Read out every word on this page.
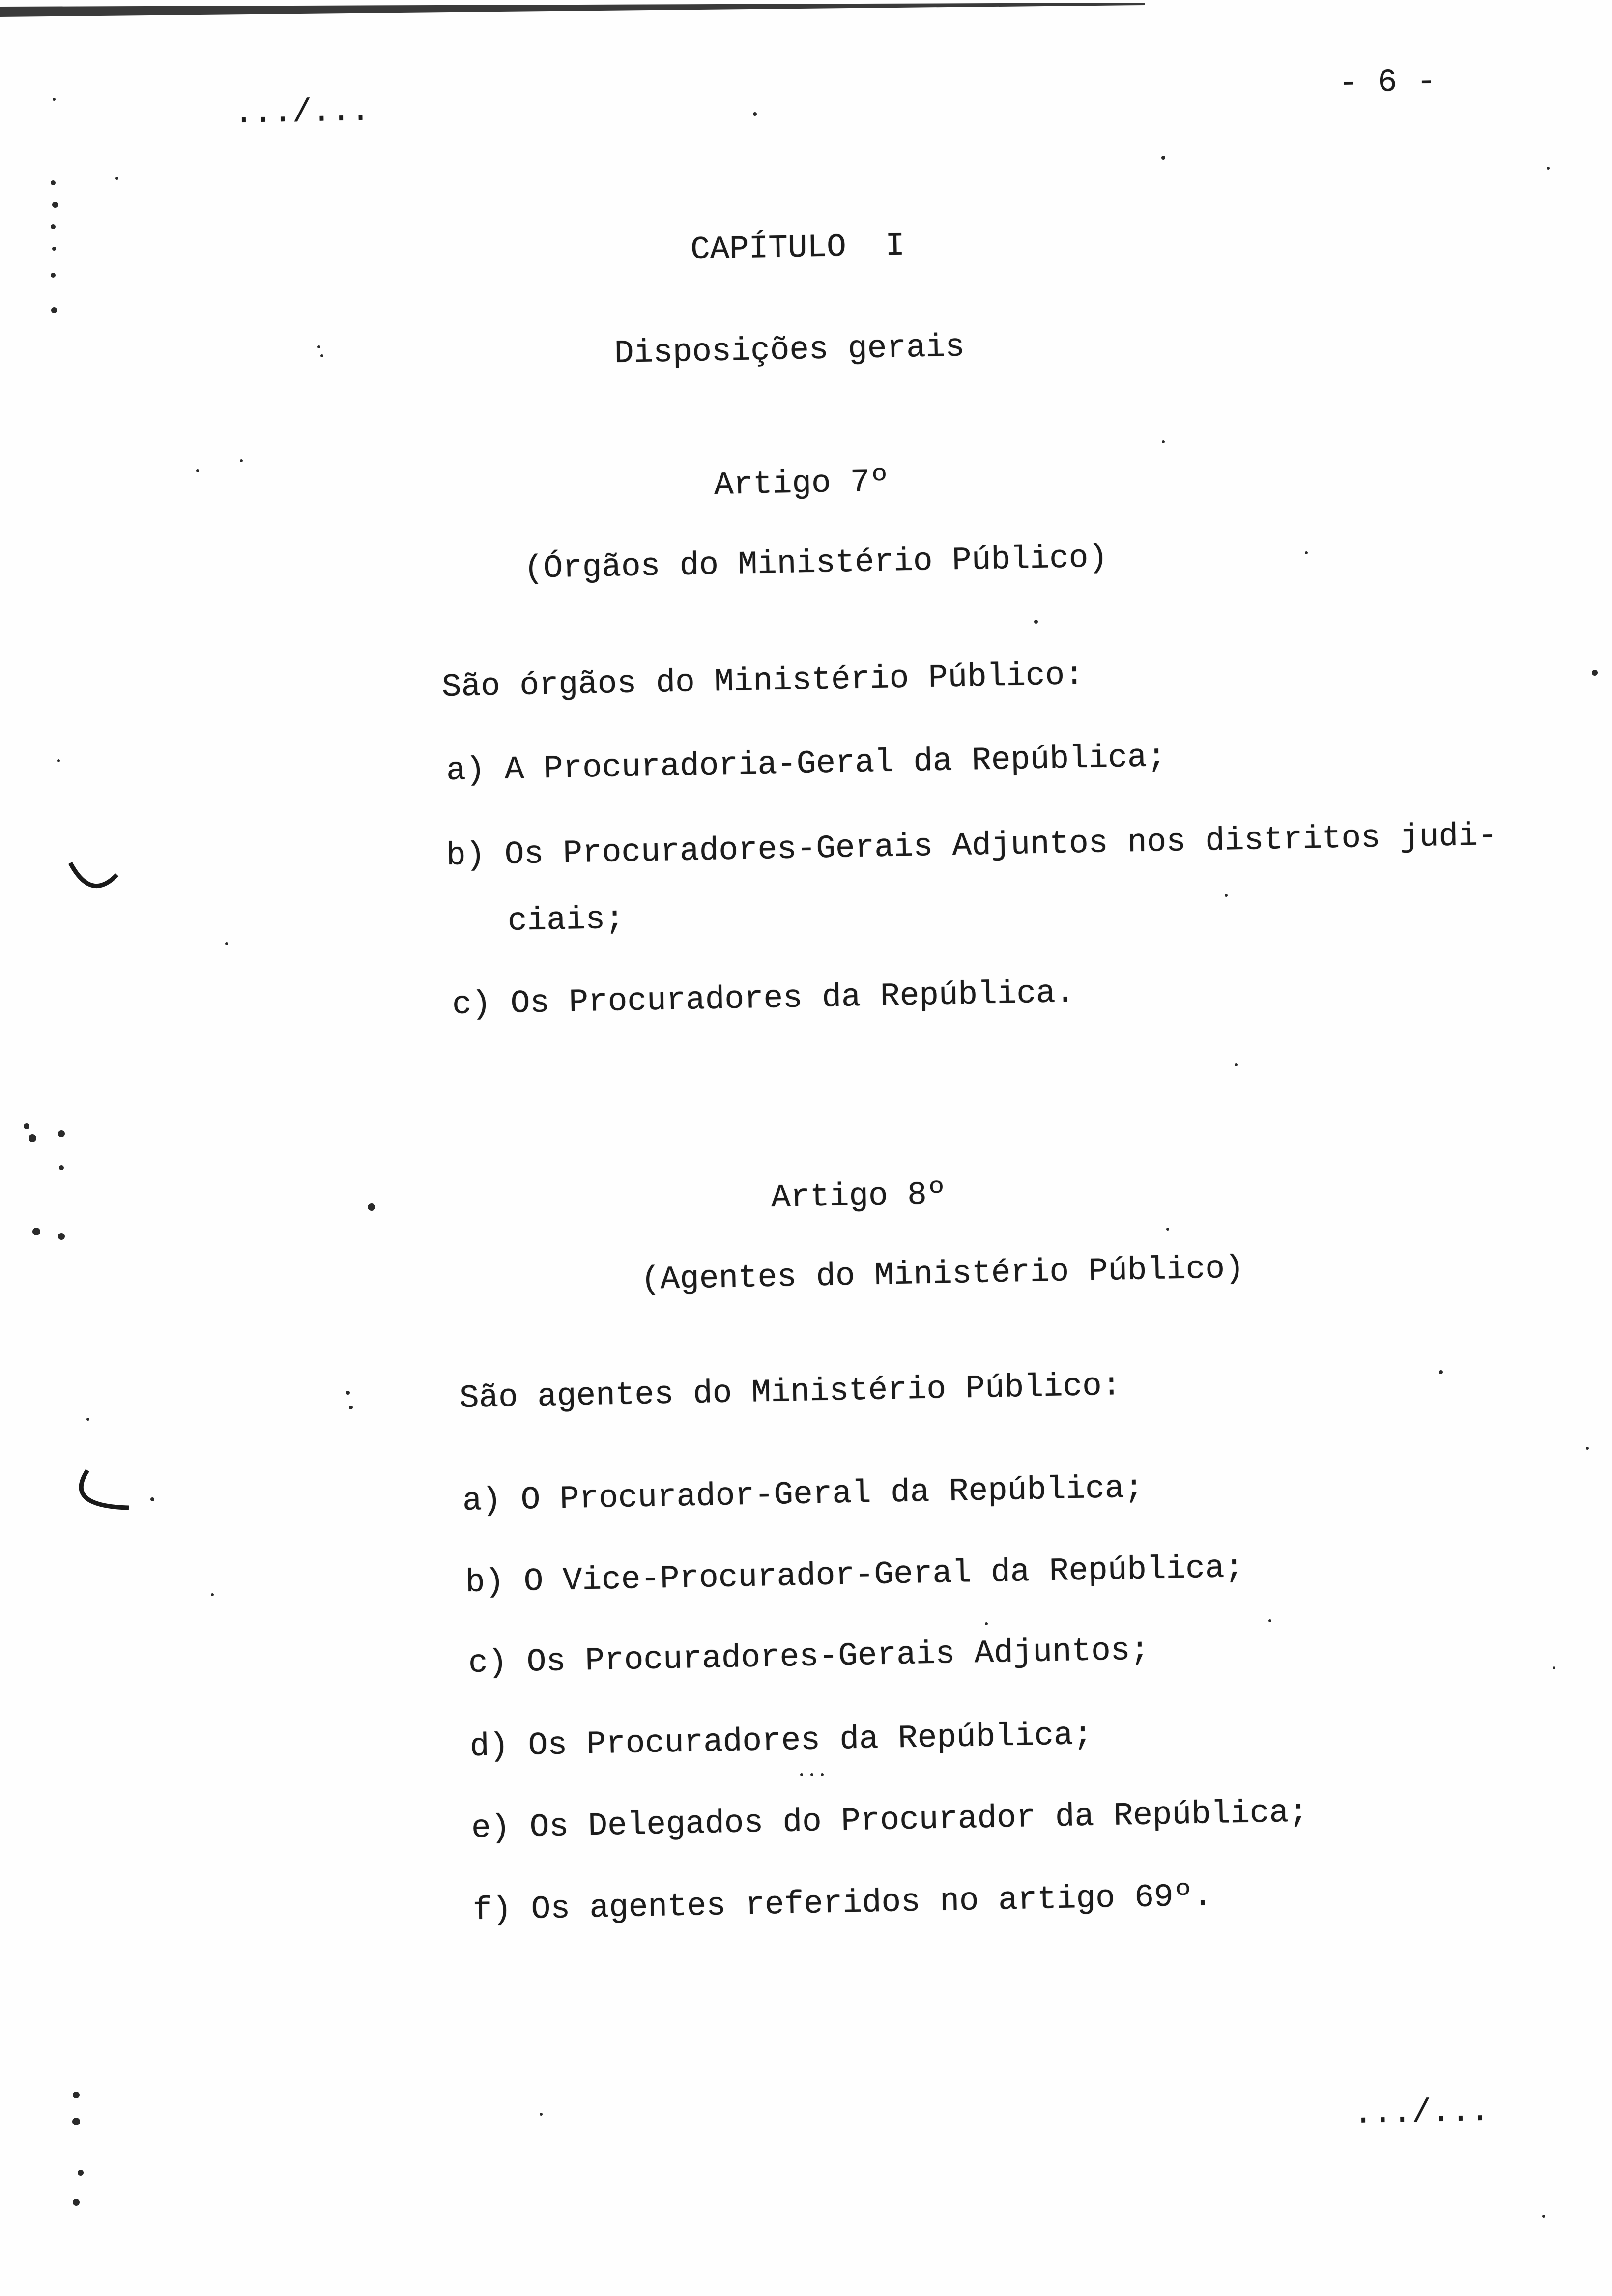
.../...
- 6 -
CAPÍTULO I
Disposições gerais
Artigo 7º
(Órgãos do Ministério Público)
São órgãos do Ministério Público:
a) A Procuradoria-Geral da República;
b) Os Procuradores-Gerais Adjuntos nos distritos judi-
ciais;
c) Os Procuradores da República.
Artigo 8º
(Agentes do Ministério Público)
São agentes do Ministério Público:
a) O Procurador-Geral da República;
b) O Vice-Procurador-Geral da República;
c) Os Procuradores-Gerais Adjuntos;
d) Os Procuradores da República;
e) Os Delegados do Procurador da República;
f) Os agentes referidos no artigo 69º.
.../...
